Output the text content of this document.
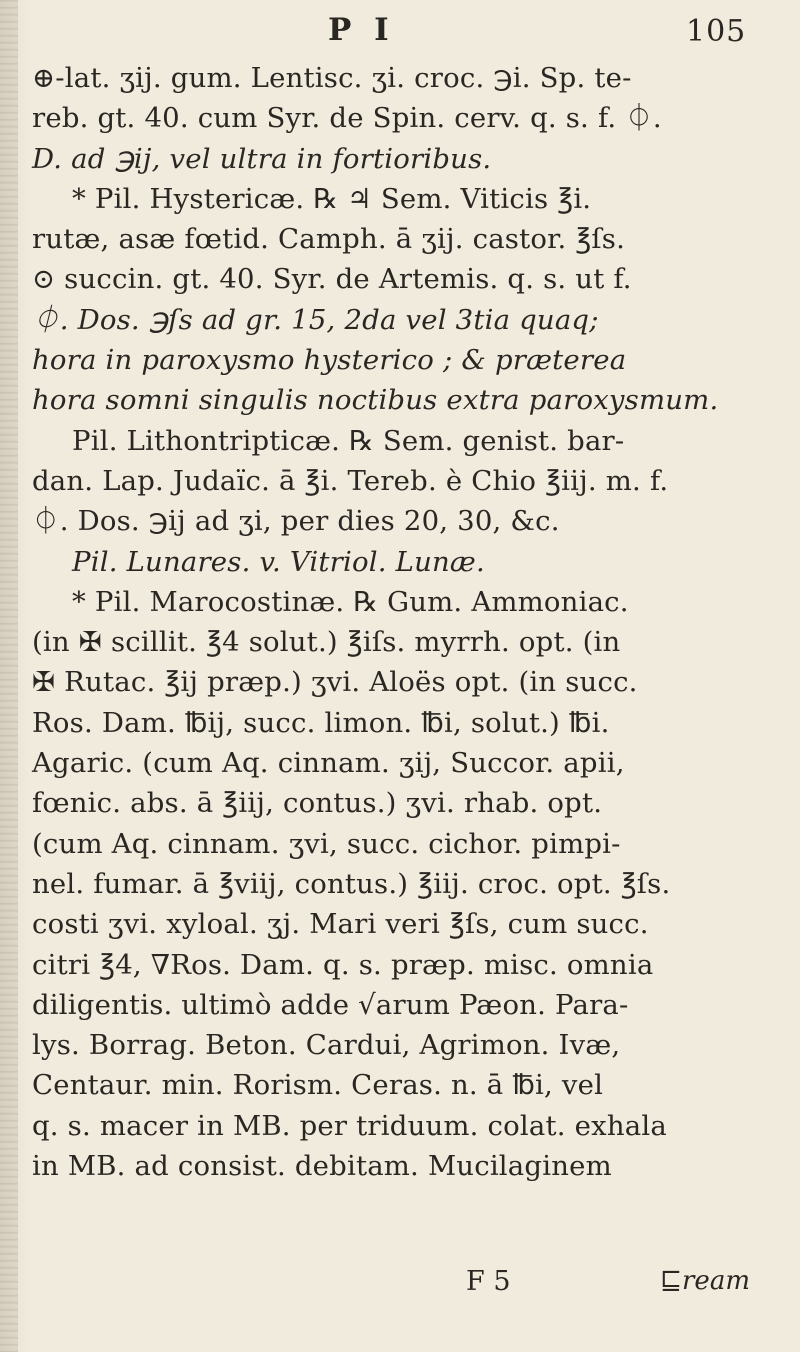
P I	105
⊕-lat. ʒij. gum. Lentisc. ʒi. croc. ℈i. Sp. te-
reb. gt. 40. cum Syr. de Spin. cerv. q. s. f. ⏀.
D. ad ℈ij, vel ultra in fortioribus.
* Pil. Hystericæ. ℞ ♃ Sem. Viticis ℥i.
rutæ, asæ fœtid. Camph. ā ʒij. castor. ℥ſs.
⊙ succin. gt. 40. Syr. de Artemis. q. s. ut f.
⏀. Dos. ℈ſs ad gr. 15, 2da vel 3tia quaq;
hora in paroxysmo hysterico ; & præterea
hora somni singulis noctibus extra paroxysmum.
Pil. Lithontripticæ. ℞ Sem. genist. bar-
dan. Lap. Judaïc. ā ℥i. Tereb. è Chio ℥iij. m. f.
⏀. Dos. ℈ij ad ʒi, per dies 20, 30, &c.
Pil. Lunares. v. Vitriol. Lunæ.
* Pil. Marocostinæ. ℞ Gum. Ammoniac.
(in ✠ scillit. ℥4 solut.) ℥iſs. myrrh. opt. (in
✠ Rutac. ℥ij præp.) ʒvi. Aloës opt. (in succ.
Ros. Dam. ℔ij, succ. limon. ℔i, solut.) ℔i.
Agaric. (cum Aq. cinnam. ʒij, Succor. apii,
fœnic. abs. ā ℥iij, contus.) ʒvi. rhab. opt.
(cum Aq. cinnam. ʒvi, succ. cichor. pimpi-
nel. fumar. ā ℥viij, contus.) ℥iij. croc. opt. ℥ſs.
costi ʒvi. xyloal. ʒj. Mari veri ℥ſs, cum succ.
citri ℥4, ∇Ros. Dam. q. s. præp. misc. omnia
diligentis. ultimò adde √arum Pæon. Para-
lys. Borrag. Beton. Cardui, Agrimon. Ivæ,
Centaur. min. Rorism. Ceras. n. ā ℔i, vel
q. s. macer in MB. per triduum. colat. exhala
in MB. ad consist. debitam. Mucilaginem
F 5	⊑ream
